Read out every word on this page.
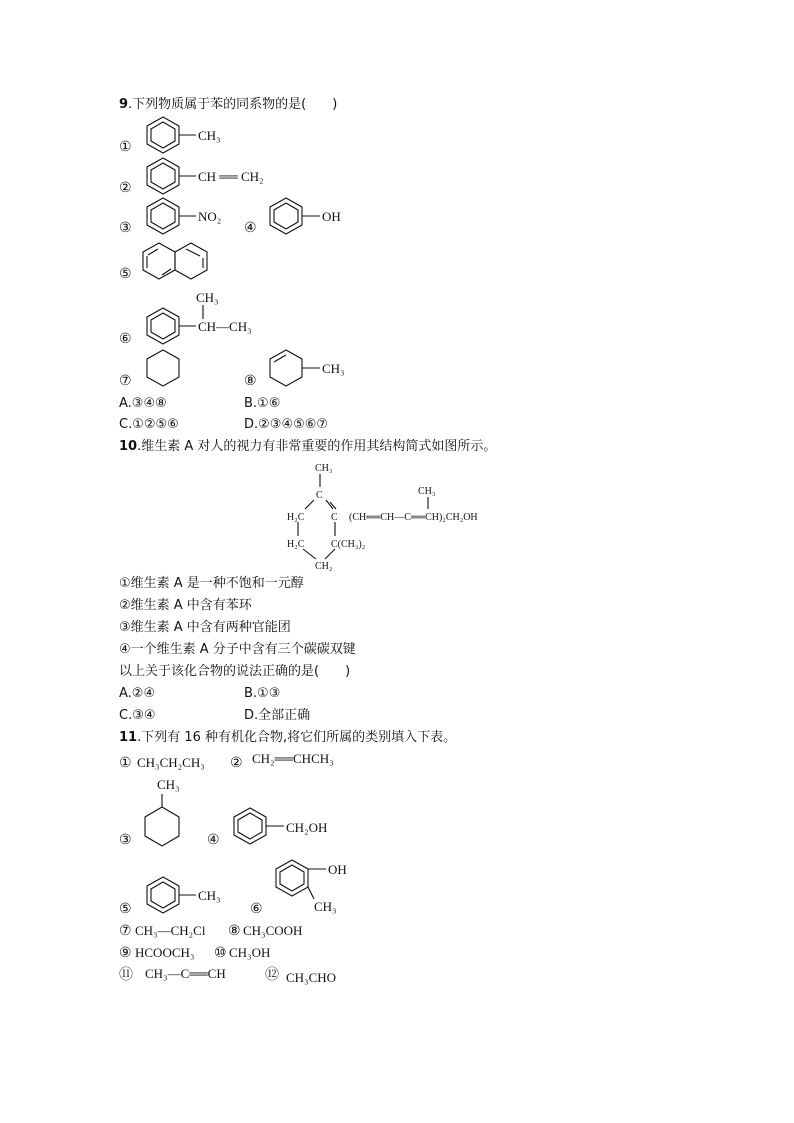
9.下列物质属于苯的同系物的是(　　)
①
CH₃
②
CH ══ CH₂
③
NO₂
④
OH
⑤
⑥
CH₃
CH—CH₃
⑦	⑧
CH₃
A.③④⑧	B.①⑥
C.①②⑤⑥	D.②③④⑤⑥⑦
10.维生素 A 对人的视力有非常重要的作用其结构简式如图所示。
CH₃
C
H₂C	C (CH══CH—C══CH)₂CH₂OH
CH₃
H₂C	C(CH₃)₂
CH₂
①维生素 A 是一种不饱和一元醇
②维生素 A 中含有苯环
③维生素 A 中含有两种官能团
④一个维生素 A 分子中含有三个碳碳双键
以上关于该化合物的说法正确的是(　　)
A.②④	B.①③
C.③④	D.全部正确
11.下列有 16 种有机化合物,将它们所属的类别填入下表。
① CH₃CH₂CH₃ ② CH₂══CHCH₃
CH₃
③	④
CH₂OH
⑤
CH₃
⑥
OH
CH₃
⑦ CH₃—CH₂Cl ⑧ CH₃COOH
⑨ HCOOCH₃ ⑩ CH₃OH
⑪ CH₃—C══CH	⑫ CH₃CHO
